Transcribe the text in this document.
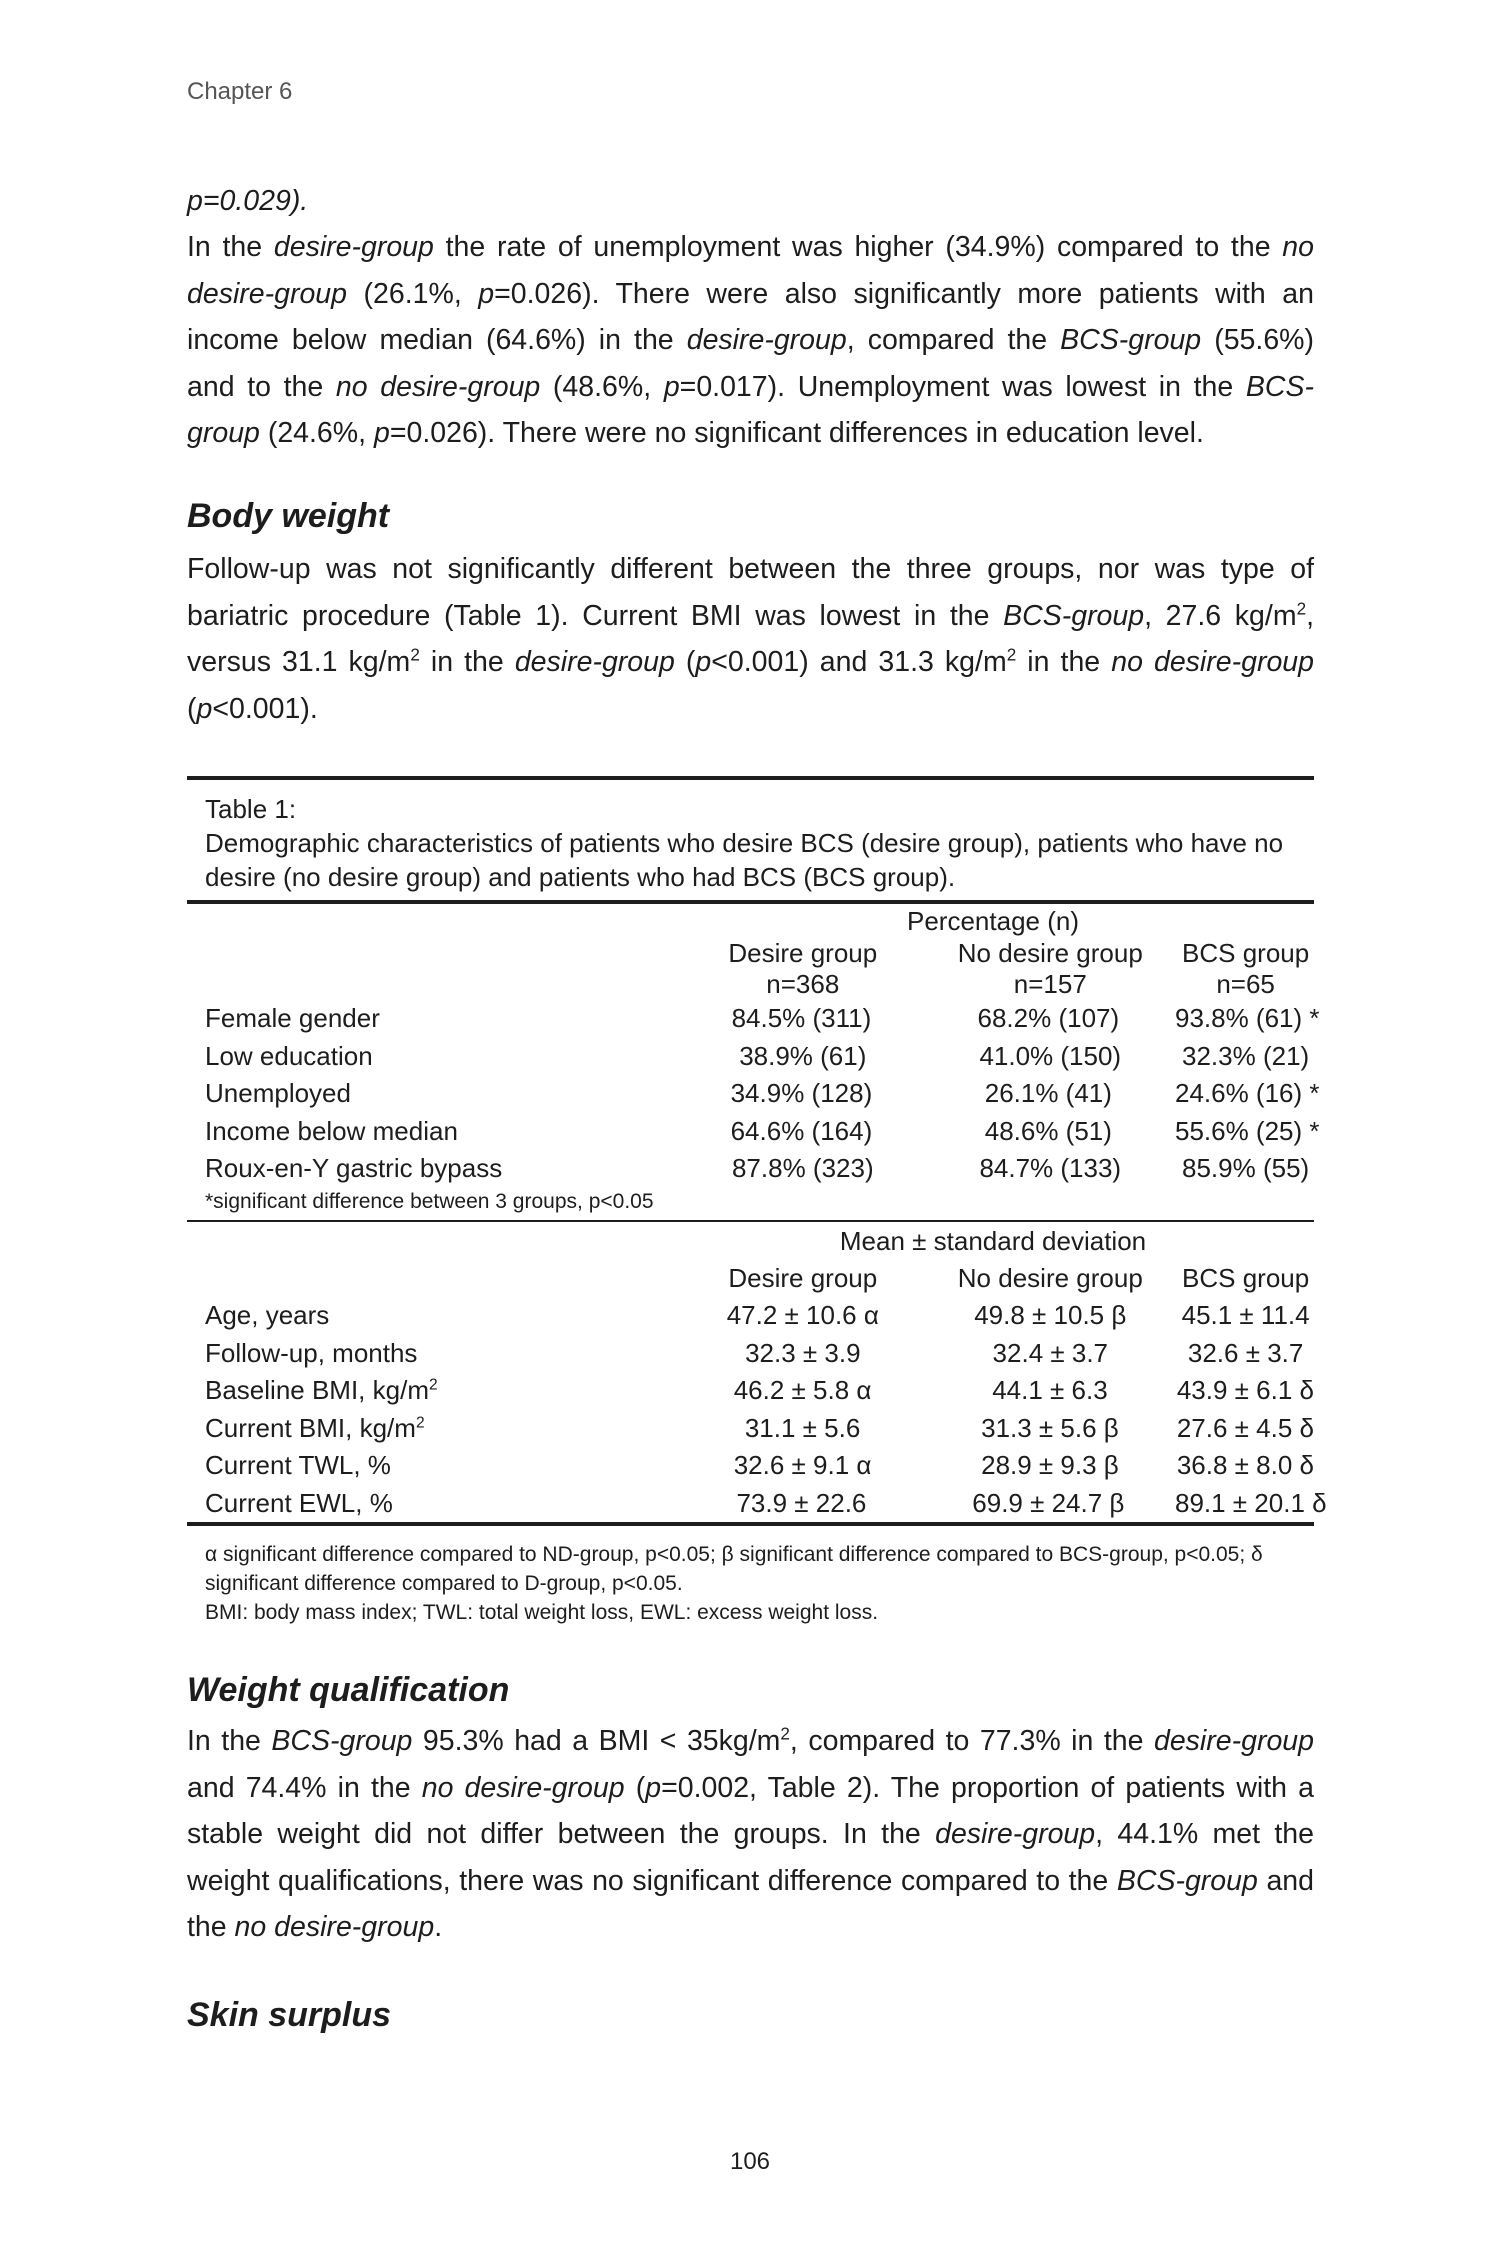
Chapter 6

p=0.029).

In the desire-group the rate of unemployment was higher (34.9%) compared to the no desire-group (26.1%, p=0.026). There were also significantly more patients with an income below median (64.6%) in the desire-group, compared the BCS-group (55.6%) and to the no desire-group (48.6%, p=0.017). Unemployment was lowest in the BCS-group (24.6%, p=0.026). There were no significant differences in education level.

Body weight

Follow-up was not significantly different between the three groups, nor was type of bariatric procedure (Table 1). Current BMI was lowest in the BCS-group, 27.6 $kg/m^2$, versus 31.1 $kg/m^2$ in the desire-group (p<0.001) and 31.3 $kg/m^2$ in the no desire-group (p<0.001).

Table 1:
Demographic characteristics of patients who desire BCS (desire group), patients who have no desire (no desire group) and patients who had BCS (BCS group).
Percentage (n)
Desire group	No desire group	BCS group
n=368	n=157	n=65
Female gender	84.5% (311)	68.2% (107)	93.8% (61) *
Low education	38.9% (61)	41.0% (150)	32.3% (21)
Unemployed	34.9% (128)	26.1% (41)	24.6% (16) *
Income below median	64.6% (164)	48.6% (51)	55.6% (25) *
Roux-en-Y gastric bypass	87.8% (323)	84.7% (133)	85.9% (55)
*significant difference between 3 groups, p<0.05
Mean ± standard deviation
Desire group	No desire group	BCS group
Age, years	47.2 ± 10.6 α	49.8 ± 10.5 β	45.1 ± 11.4
Follow-up, months	32.3 ± 3.9	32.4 ± 3.7	32.6 ± 3.7
Baseline BMI, $kg/m^2$	46.2 ± 5.8 α	44.1 ± 6.3	43.9 ± 6.1 δ
Current BMI, $kg/m^2$	31.1 ± 5.6	31.3 ± 5.6 β	27.6 ± 4.5 δ
Current TWL, %	32.6 ± 9.1 α	28.9 ± 9.3 β	36.8 ± 8.0 δ
Current EWL, %	73.9 ± 22.6	69.9 ± 24.7 β	89.1 ± 20.1 δ
α significant difference compared to ND-group, p<0.05; β significant difference compared to BCS-group, p<0.05; δ significant difference compared to D-group, p<0.05.
BMI: body mass index; TWL: total weight loss, EWL: excess weight loss.
Weight qualification

In the BCS-group 95.3% had a BMI < $35kg/m^2$, compared to 77.3% in the desire-group and 74.4% in the no desire-group (p=0.002, Table 2). The proportion of patients with a stable weight did not differ between the groups. In the desire-group, 44.1% met the weight qualifications, there was no significant difference compared to the BCS-group and the no desire-group.

Skin surplus
106
